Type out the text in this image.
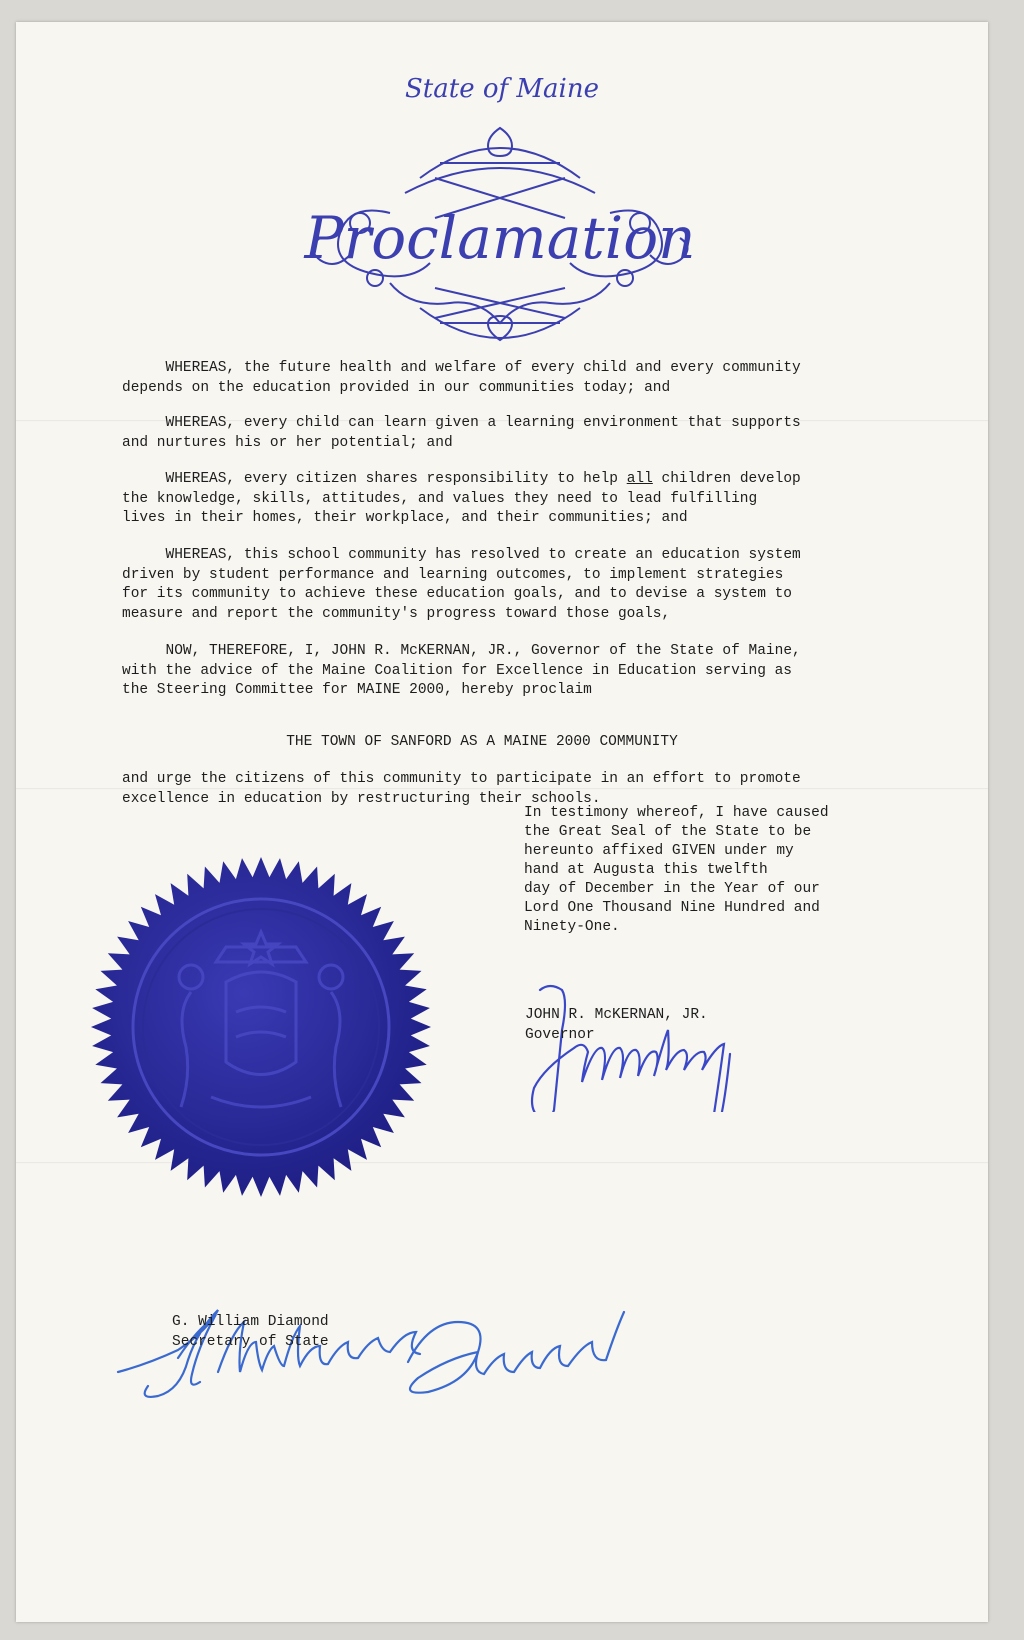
State of Maine
Proclamation
WHEREAS, the future health and welfare of every child and every community
depends on the education provided in our communities today; and
WHEREAS, every child can learn given a learning environment that supports
and nurtures his or her potential; and
WHEREAS, every citizen shares responsibility to help all children develop
the knowledge, skills, attitudes, and values they need to lead fulfilling
lives in their homes, their workplace, and their communities; and
WHEREAS, this school community has resolved to create an education system
driven by student performance and learning outcomes, to implement strategies
for its community to achieve these education goals, and to devise a system to
measure and report the community's progress toward those goals,
NOW, THEREFORE, I, JOHN R. McKERNAN, JR., Governor of the State of Maine,
with the advice of the Maine Coalition for Excellence in Education serving as
the Steering Committee for MAINE 2000, hereby proclaim
THE TOWN OF SANFORD AS A MAINE 2000 COMMUNITY
and urge the citizens of this community to participate in an effort to promote
excellence in education by restructuring their schools.
In testimony whereof, I have caused
the Great Seal of the State to be
hereunto affixed GIVEN under my
hand at Augusta this twelfth
day of December in the Year of our
Lord One Thousand Nine Hundred and
Ninety-One.
JOHN R. McKERNAN, JR.
Governor
G. William Diamond
Secretary of State
